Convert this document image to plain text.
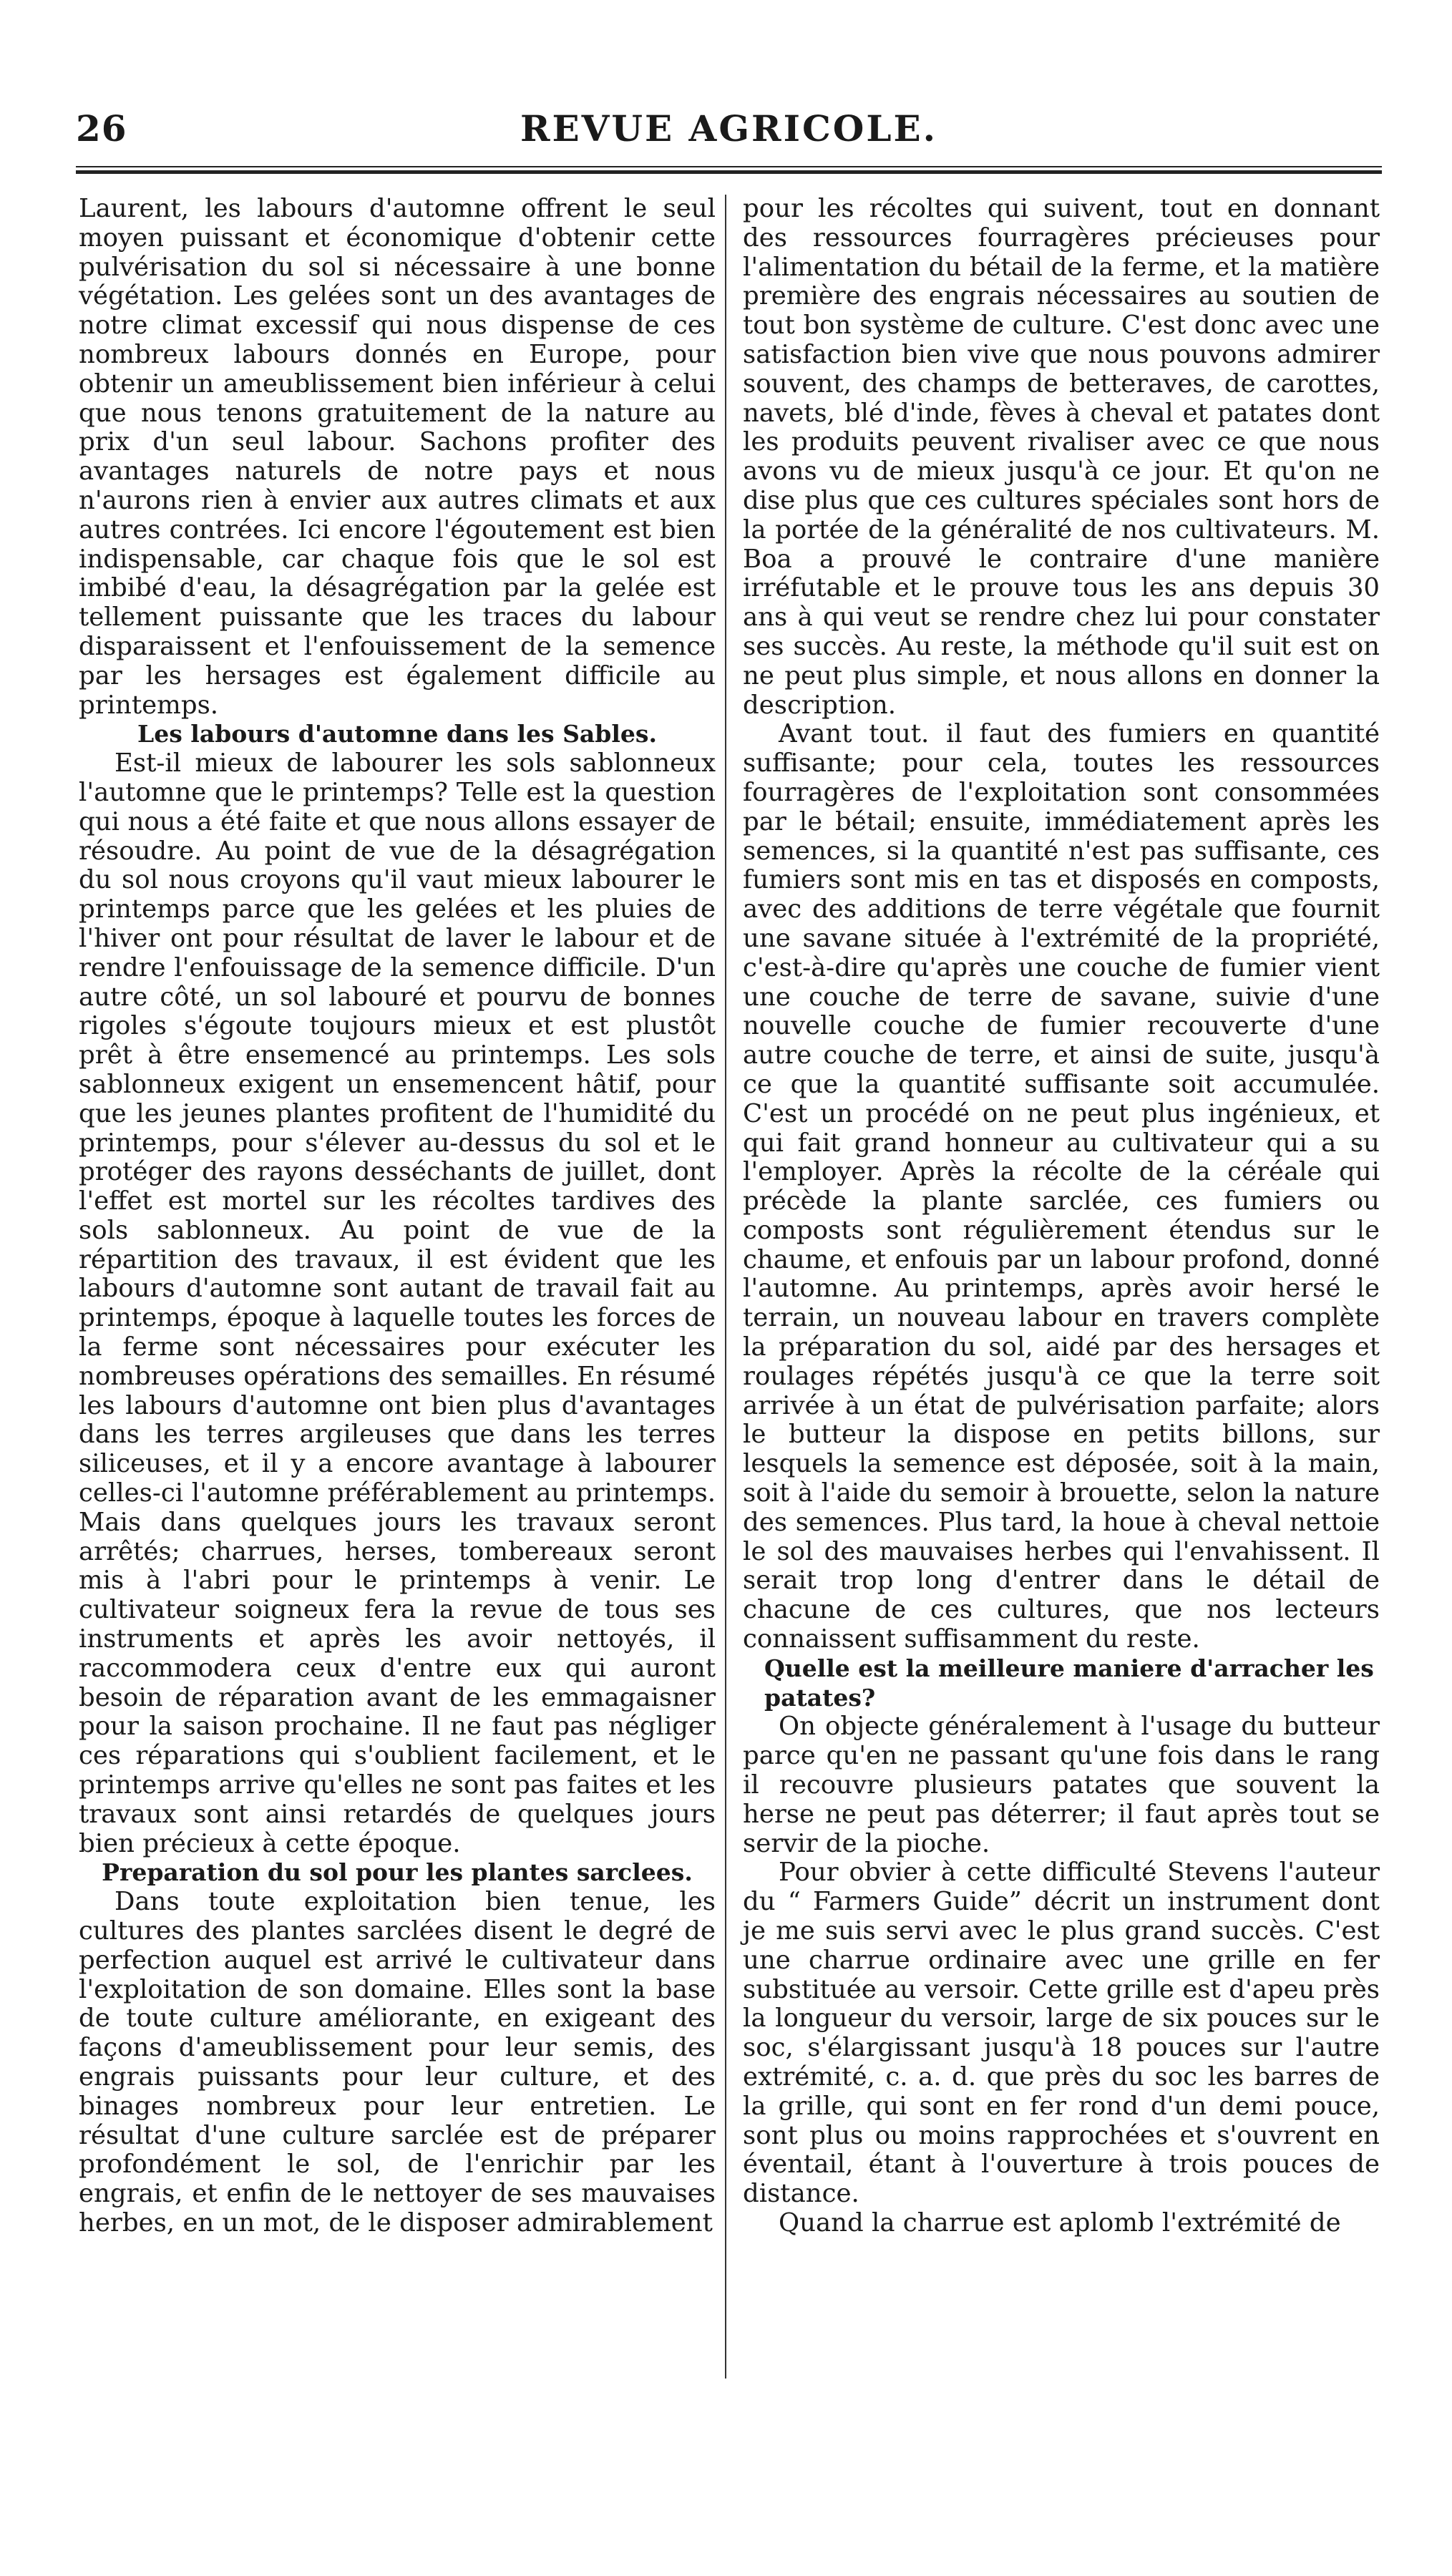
26	REVUE AGRICOLE.

Laurent, les labours d'automne offrent le seul moyen puissant et économique d'obtenir cette pulvérisation du sol si nécessaire à une bonne végétation. Les gelées sont un des avantages de notre climat excessif qui nous dispense de ces nombreux labours donnés en Europe, pour obtenir un ameublissement bien inférieur à celui que nous tenons gratuitement de la nature au prix d'un seul labour. Sachons profiter des avantages naturels de notre pays et nous n'aurons rien à envier aux autres climats et aux autres contrées. Ici encore l'égoutement est bien indispensable, car chaque fois que le sol est imbibé d'eau, la désagrégation par la gelée est tellement puissante que les traces du labour disparaissent et l'enfouissement de la semence par les hersages est également difficile au printemps.

Les labours d'automne dans les Sables.

Est-il mieux de labourer les sols sablonneux l'automne que le printemps? Telle est la question qui nous a été faite et que nous allons essayer de résoudre. Au point de vue de la désagrégation du sol nous croyons qu'il vaut mieux labourer le printemps parce que les gelées et les pluies de l'hiver ont pour résultat de laver le labour et de rendre l'enfouissage de la semence difficile. D'un autre côté, un sol labouré et pourvu de bonnes rigoles s'égoute toujours mieux et est plustôt prêt à être ensemencé au printemps. Les sols sablonneux exigent un ensemencent hâtif, pour que les jeunes plantes profitent de l'humidité du printemps, pour s'élever au-dessus du sol et le protéger des rayons desséchants de juillet, dont l'effet est mortel sur les récoltes tardives des sols sablonneux. Au point de vue de la répartition des travaux, il est évident que les labours d'automne sont autant de travail fait au printemps, époque à laquelle toutes les forces de la ferme sont nécessaires pour exécuter les nombreuses opérations des semailles. En résumé les labours d'automne ont bien plus d'avantages dans les terres argileuses que dans les terres siliceuses, et il y a encore avantage à labourer celles-ci l'automne préférablement au printemps. Mais dans quelques jours les travaux seront arrêtés; charrues, herses, tombereaux seront mis à l'abri pour le printemps à venir. Le cultivateur soigneux fera la revue de tous ses instruments et après les avoir nettoyés, il raccommodera ceux d'entre eux qui auront besoin de réparation avant de les emmagaisner pour la saison prochaine. Il ne faut pas négliger ces réparations qui s'oublient facilement, et le printemps arrive qu'elles ne sont pas faites et les travaux sont ainsi retardés de quelques jours bien précieux à cette époque.

Preparation du sol pour les plantes sarclees.

Dans toute exploitation bien tenue, les cultures des plantes sarclées disent le degré de perfection auquel est arrivé le cultivateur dans l'exploitation de son domaine. Elles sont la base de toute culture améliorante, en exigeant des façons d'ameublissement pour leur semis, des engrais puissants pour leur culture, et des binages nombreux pour leur entretien. Le résultat d'une culture sarclée est de préparer profondément le sol, de l'enrichir par les engrais, et enfin de le nettoyer de ses mauvaises herbes, en un mot, de le disposer admirablement

pour les récoltes qui suivent, tout en donnant des ressources fourragères précieuses pour l'alimentation du bétail de la ferme, et la matière première des engrais nécessaires au soutien de tout bon système de culture. C'est donc avec une satisfaction bien vive que nous pouvons admirer souvent, des champs de betteraves, de carottes, navets, blé d'inde, fèves à cheval et patates dont les produits peuvent rivaliser avec ce que nous avons vu de mieux jusqu'à ce jour. Et qu'on ne dise plus que ces cultures spéciales sont hors de la portée de la généralité de nos cultivateurs. M. Boa a prouvé le contraire d'une manière irréfutable et le prouve tous les ans depuis 30 ans à qui veut se rendre chez lui pour constater ses succès. Au reste, la méthode qu'il suit est on ne peut plus simple, et nous allons en donner la description.

Avant tout. il faut des fumiers en quantité suffisante; pour cela, toutes les ressources fourragères de l'exploitation sont consommées par le bétail; ensuite, immédiatement après les semences, si la quantité n'est pas suffisante, ces fumiers sont mis en tas et disposés en composts, avec des additions de terre végétale que fournit une savane située à l'extrémité de la propriété, c'est-à-dire qu'après une couche de fumier vient une couche de terre de savane, suivie d'une nouvelle couche de fumier recouverte d'une autre couche de terre, et ainsi de suite, jusqu'à ce que la quantité suffisante soit accumulée. C'est un procédé on ne peut plus ingénieux, et qui fait grand honneur au cultivateur qui a su l'employer. Après la récolte de la céréale qui précède la plante sarclée, ces fumiers ou composts sont régulièrement étendus sur le chaume, et enfouis par un labour profond, donné l'automne. Au printemps, après avoir hersé le terrain, un nouveau labour en travers complète la préparation du sol, aidé par des hersages et roulages répétés jusqu'à ce que la terre soit arrivée à un état de pulvérisation parfaite; alors le butteur la dispose en petits billons, sur lesquels la semence est déposée, soit à la main, soit à l'aide du semoir à brouette, selon la nature des semences. Plus tard, la houe à cheval nettoie le sol des mauvaises herbes qui l'envahissent. Il serait trop long d'entrer dans le détail de chacune de ces cultures, que nos lecteurs connaissent suffisamment du reste.

Quelle est la meilleure maniere d'arracher les patates?

On objecte généralement à l'usage du butteur parce qu'en ne passant qu'une fois dans le rang il recouvre plusieurs patates que souvent la herse ne peut pas déterrer; il faut après tout se servir de la pioche.

Pour obvier à cette difficulté Stevens l'auteur du “ Farmers Guide” décrit un instrument dont je me suis servi avec le plus grand succès. C'est une charrue ordinaire avec une grille en fer substituée au versoir. Cette grille est d'apeu près la longueur du versoir, large de six pouces sur le soc, s'élargissant jusqu'à 18 pouces sur l'autre extrémité, c. a. d. que près du soc les barres de la grille, qui sont en fer rond d'un demi pouce, sont plus ou moins rapprochées et s'ouvrent en éventail, étant à l'ouverture à trois pouces de distance.

Quand la charrue est aplomb l'extrémité de
